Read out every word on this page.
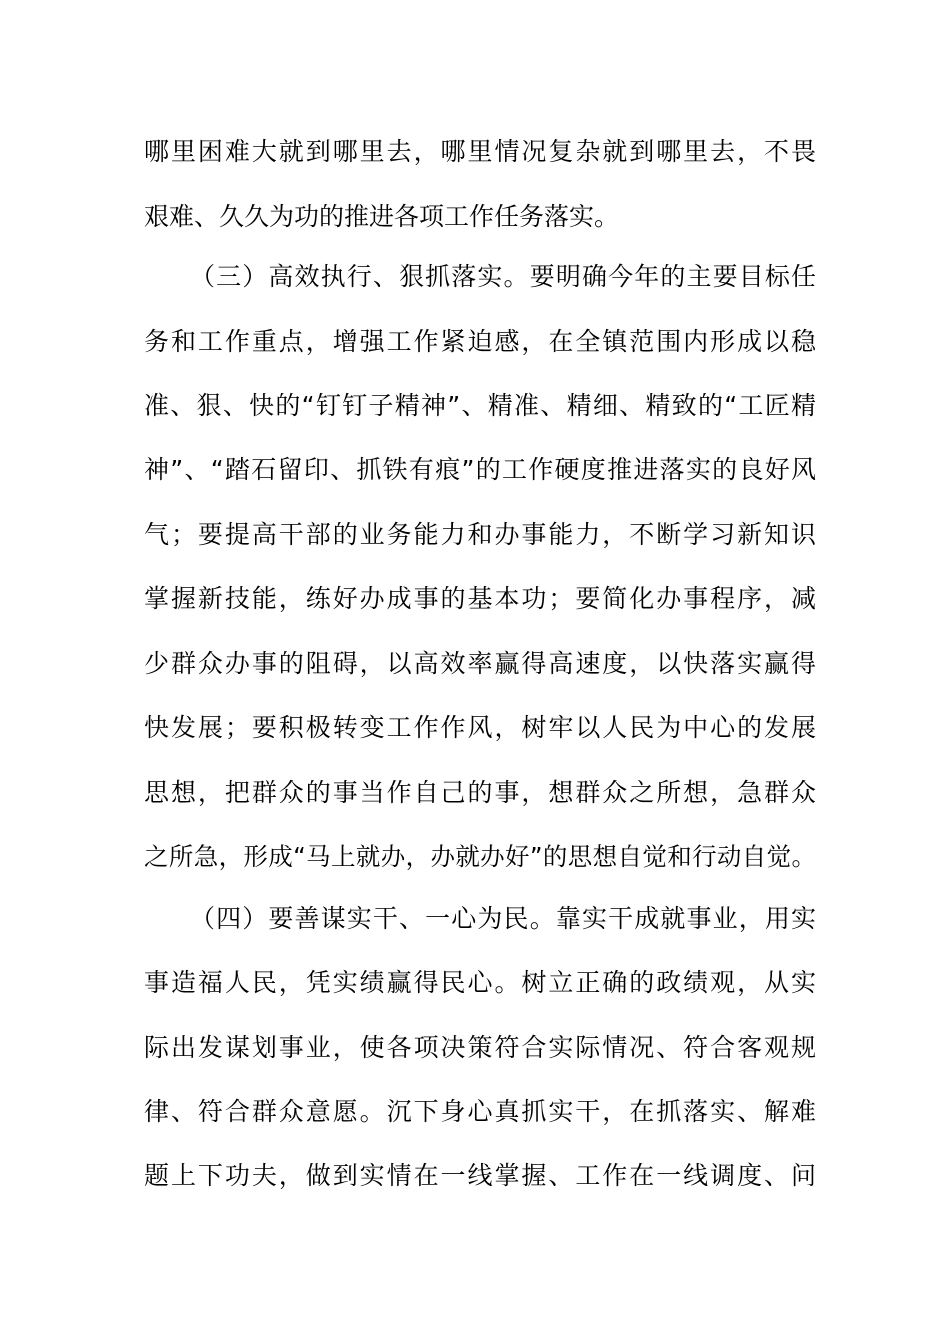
哪里困难大就到哪里去，哪里情况复杂就到哪里去，不畏
艰难、久久为功的推进各项工作任务落实。
（三）高效执行、狠抓落实。要明确今年的主要目标任
务和工作重点，增强工作紧迫感，在全镇范围内形成以稳
准、狠、快的“钉钉子精神”、精准、精细、精致的“工匠精
神”、“踏石留印、抓铁有痕”的工作硬度推进落实的良好风
气；要提高干部的业务能力和办事能力，不断学习新知识
掌握新技能，练好办成事的基本功；要简化办事程序，减
少群众办事的阻碍，以高效率赢得高速度，以快落实赢得
快发展；要积极转变工作作风，树牢以人民为中心的发展
思想，把群众的事当作自己的事，想群众之所想，急群众
之所急，形成“马上就办，办就办好”的思想自觉和行动自觉。
（四）要善谋实干、一心为民。靠实干成就事业，用实
事造福人民，凭实绩赢得民心。树立正确的政绩观，从实
际出发谋划事业，使各项决策符合实际情况、符合客观规
律、符合群众意愿。沉下身心真抓实干，在抓落实、解难
题上下功夫，做到实情在一线掌握、工作在一线调度、问
